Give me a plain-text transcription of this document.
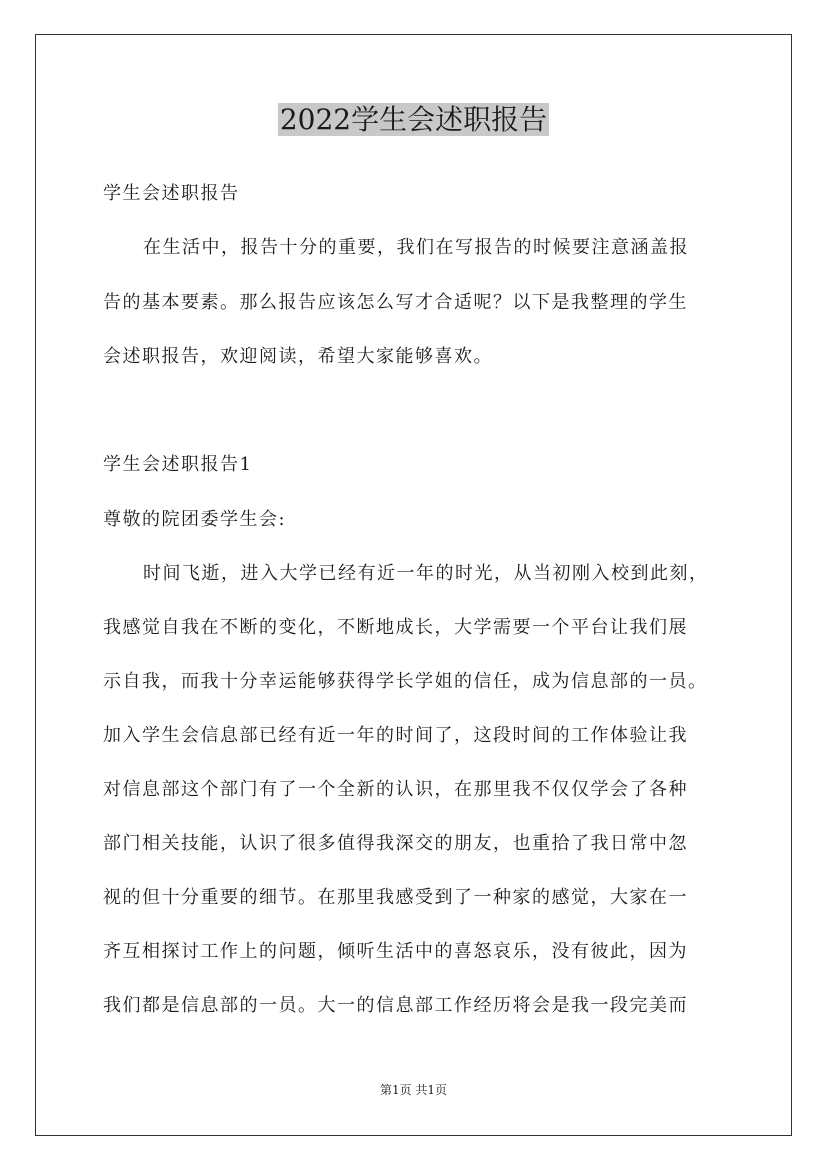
2022学生会述职报告
学生会述职报告
在生活中，报告十分的重要，我们在写报告的时候要注意涵盖报
告的基本要素。那么报告应该怎么写才合适呢？以下是我整理的学生
会述职报告，欢迎阅读，希望大家能够喜欢。
学生会述职报告1
尊敬的院团委学生会:
时间飞逝，进入大学已经有近一年的时光，从当初刚入校到此刻，
我感觉自我在不断的变化，不断地成长，大学需要一个平台让我们展
示自我，而我十分幸运能够获得学长学姐的信任，成为信息部的一员。
加入学生会信息部已经有近一年的时间了，这段时间的工作体验让我
对信息部这个部门有了一个全新的认识，在那里我不仅仅学会了各种
部门相关技能，认识了很多值得我深交的朋友，也重拾了我日常中忽
视的但十分重要的细节。在那里我感受到了一种家的感觉，大家在一
齐互相探讨工作上的问题，倾听生活中的喜怒哀乐，没有彼此，因为
我们都是信息部的一员。大一的信息部工作经历将会是我一段完美而
第1页 共1页
